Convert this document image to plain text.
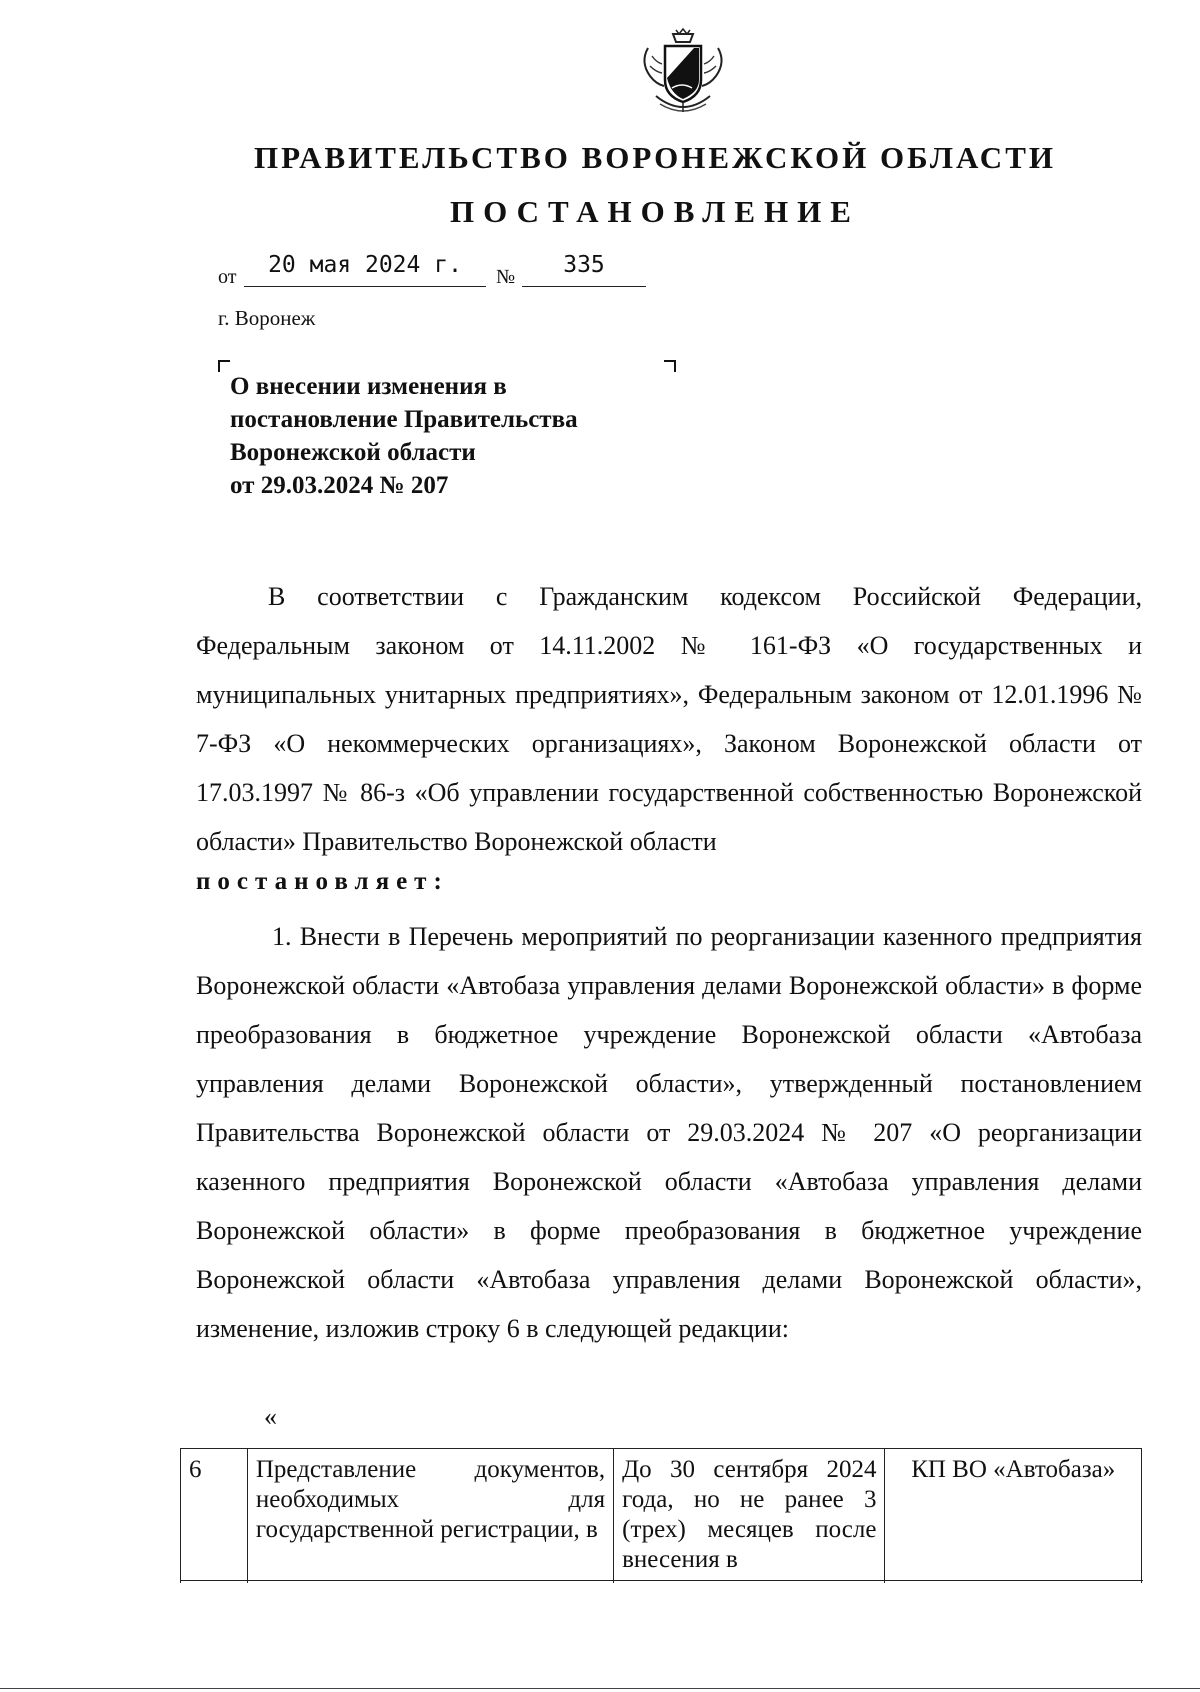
ПРАВИТЕЛЬСТВО ВОРОНЕЖСКОЙ ОБЛАСТИ
ПОСТАНОВЛЕНИЕ
от	20 мая 2024 г.	№	335
г. Воронеж
О внесении изменения в
постановление Правительства
Воронежской области
от 29.03.2024 № 207
В соответствии с Гражданским кодексом Российской Федерации, Федеральным законом от 14.11.2002 № 161-ФЗ «О государственных и муниципальных унитарных предприятиях», Федеральным законом от 12.01.1996 № 7-ФЗ «О некоммерческих организациях», Законом Воронежской области от 17.03.1997 № 86-з «Об управлении государственной собственностью Воронежской области» Правительство Воронежской области
постановляет:
1. Внести в Перечень мероприятий по реорганизации казенного предприятия Воронежской области «Автобаза управления делами Воронежской области» в форме преобразования в бюджетное учреждение Воронежской области «Автобаза управления делами Воронежской области», утвержденный постановлением Правительства Воронежской области от 29.03.2024 № 207 «О реорганизации казенного предприятия Воронежской области «Автобаза управления делами Воронежской области» в форме преобразования в бюджетное учреждение Воронежской области «Автобаза управления делами Воронежской области», изменение, изложив строку 6 в следующей редакции:
«
6	Представление документов, необходимых для государственной регистрации, в	До 30 сентября 2024 года, но не ранее 3 (трех) месяцев после внесения в	КП ВО «Автобаза»
